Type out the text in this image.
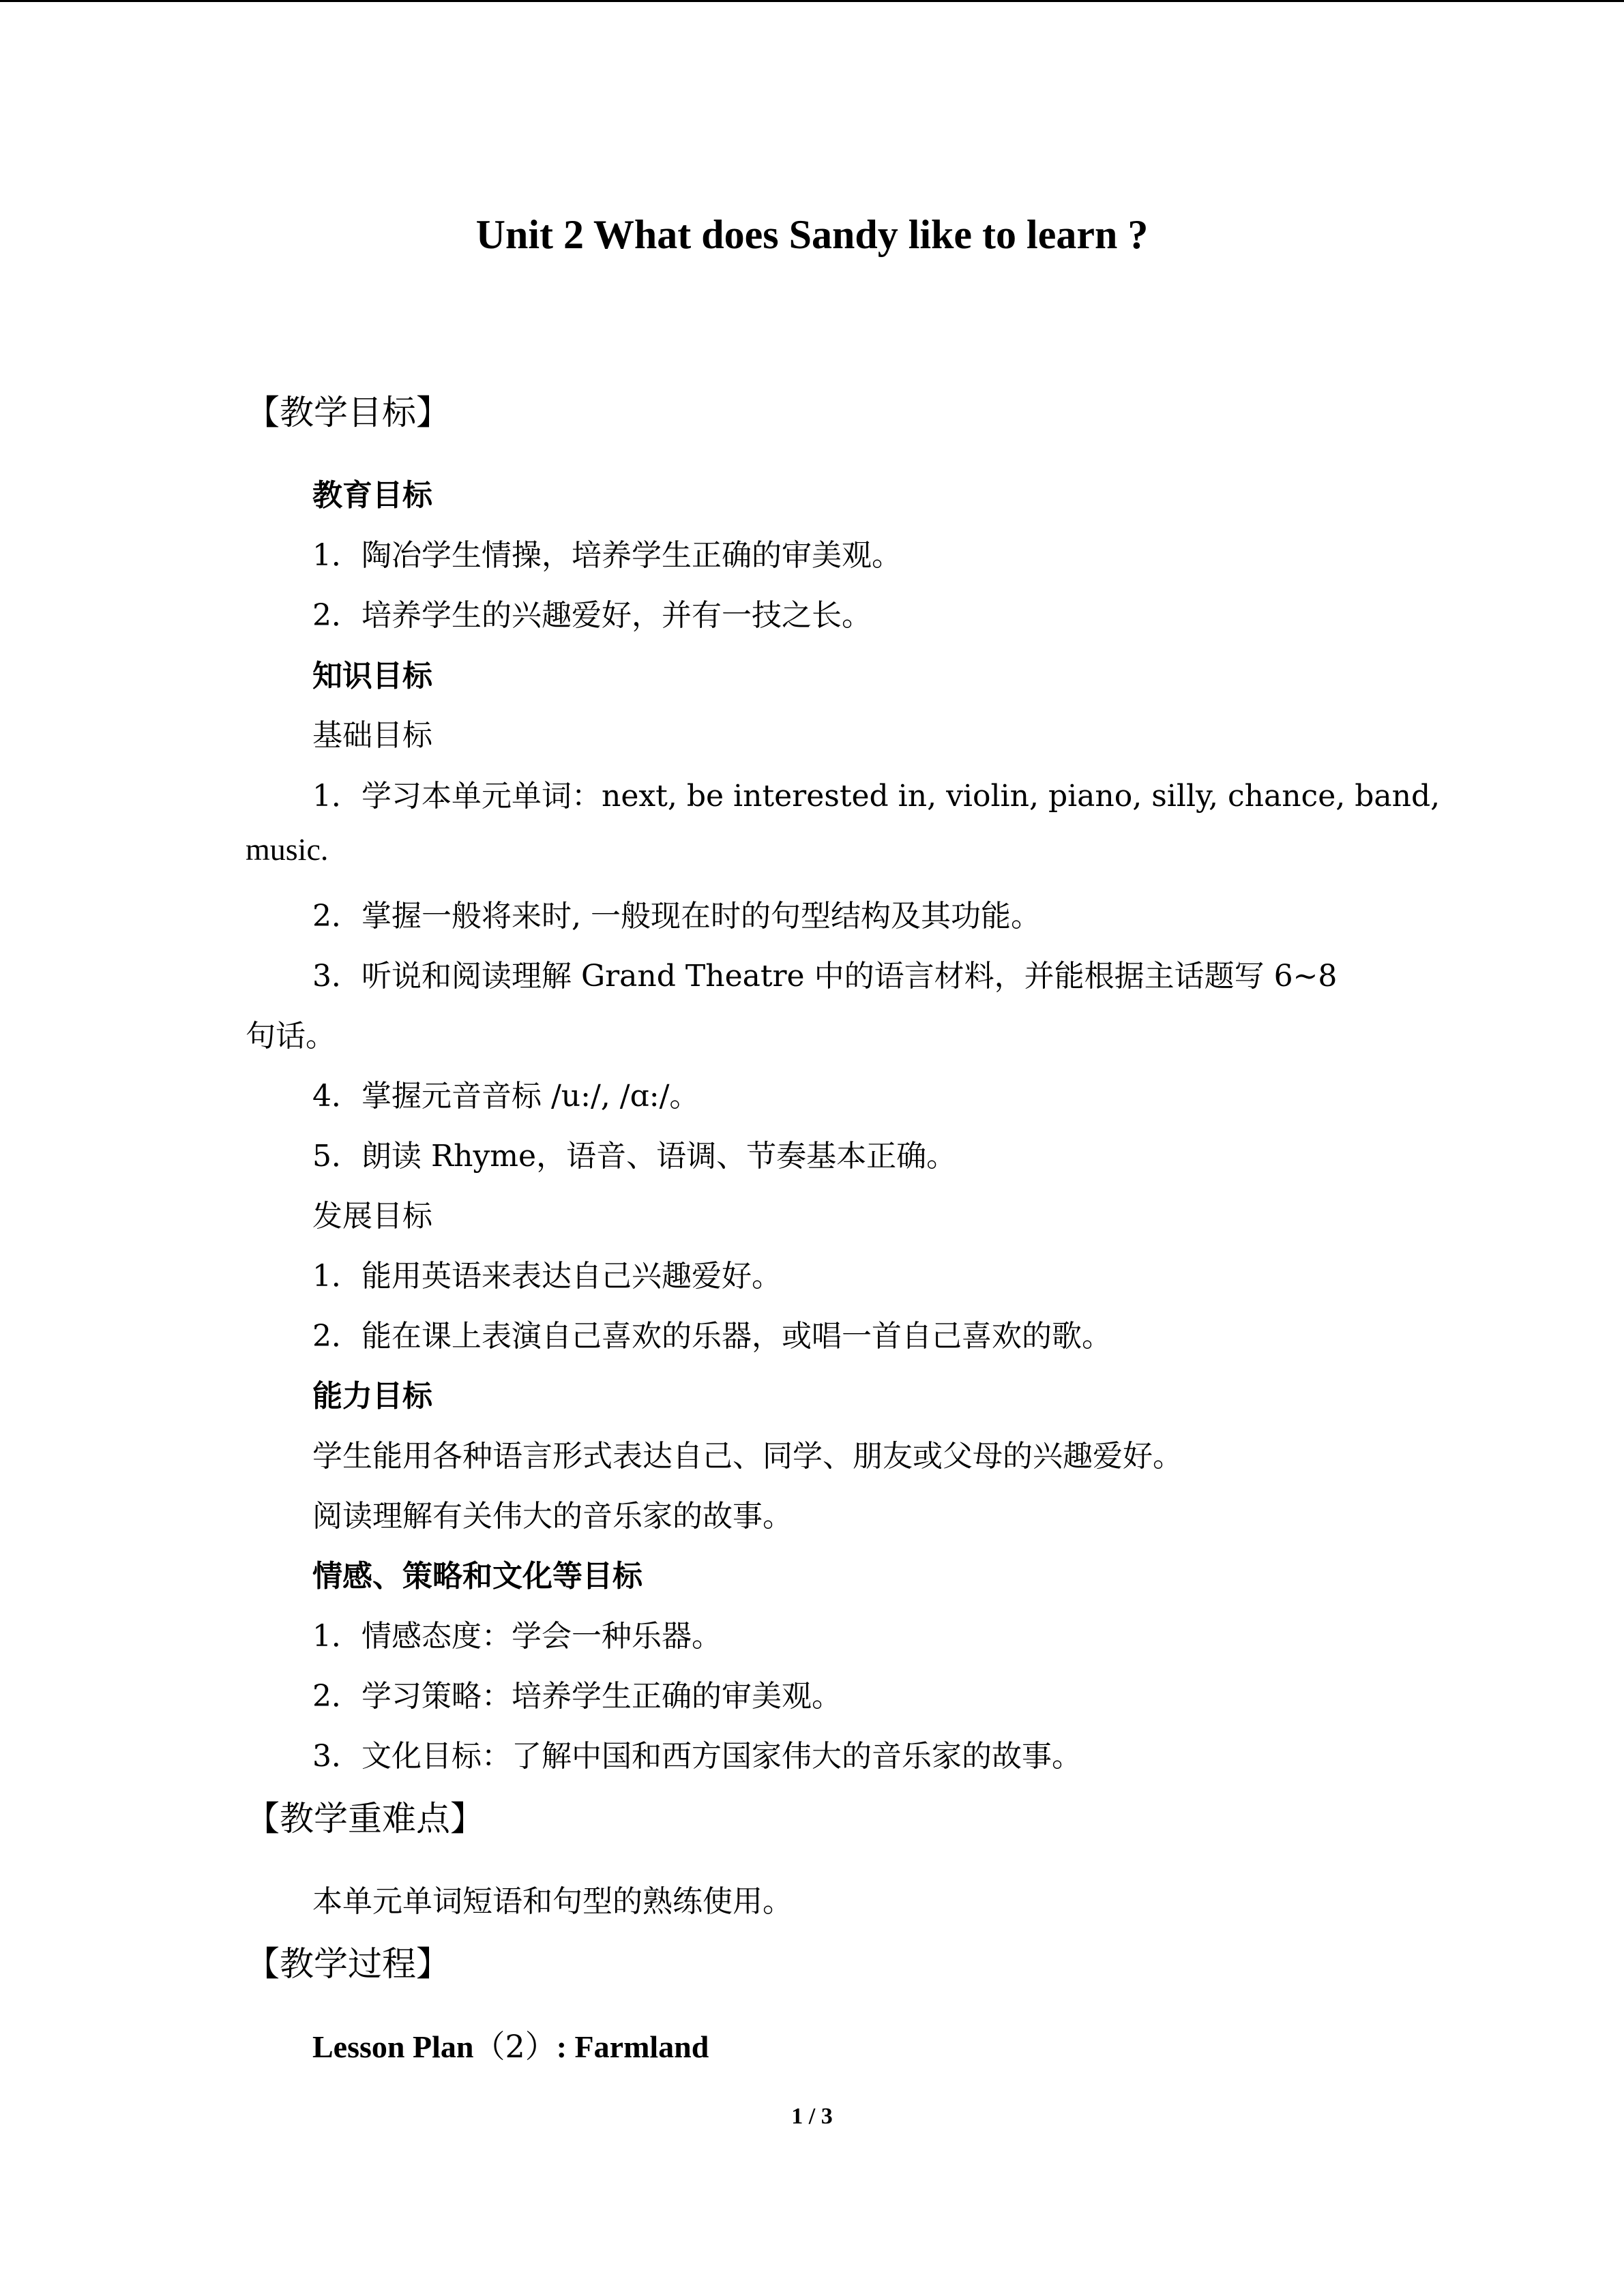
Unit 2 What does Sandy like to learn ?
【教学目标】
教育目标
1．陶冶学生情操，培养学生正确的审美观。
2．培养学生的兴趣爱好，并有一技之长。
知识目标
基础目标
1．学习本单元单词：next, be interested in, violin, piano, silly, chance, band,
music.
2．掌握一般将来时, 一般现在时的句型结构及其功能。
3．听说和阅读理解 Grand Theatre 中的语言材料，并能根据主话题写 6~8
句话。
4．掌握元音音标 /u:/, /ɑ:/。
5．朗读 Rhyme，语音、语调、节奏基本正确。
发展目标
1．能用英语来表达自己兴趣爱好。
2．能在课上表演自己喜欢的乐器，或唱一首自己喜欢的歌。
能力目标
学生能用各种语言形式表达自己、同学、朋友或父母的兴趣爱好。
阅读理解有关伟大的音乐家的故事。
情感、策略和文化等目标
1．情感态度：学会一种乐器。
2．学习策略：培养学生正确的审美观。
3．文化目标：了解中国和西方国家伟大的音乐家的故事。
【教学重难点】
本单元单词短语和句型的熟练使用。
【教学过程】
Lesson Plan（2）: Farmland
1 / 3
